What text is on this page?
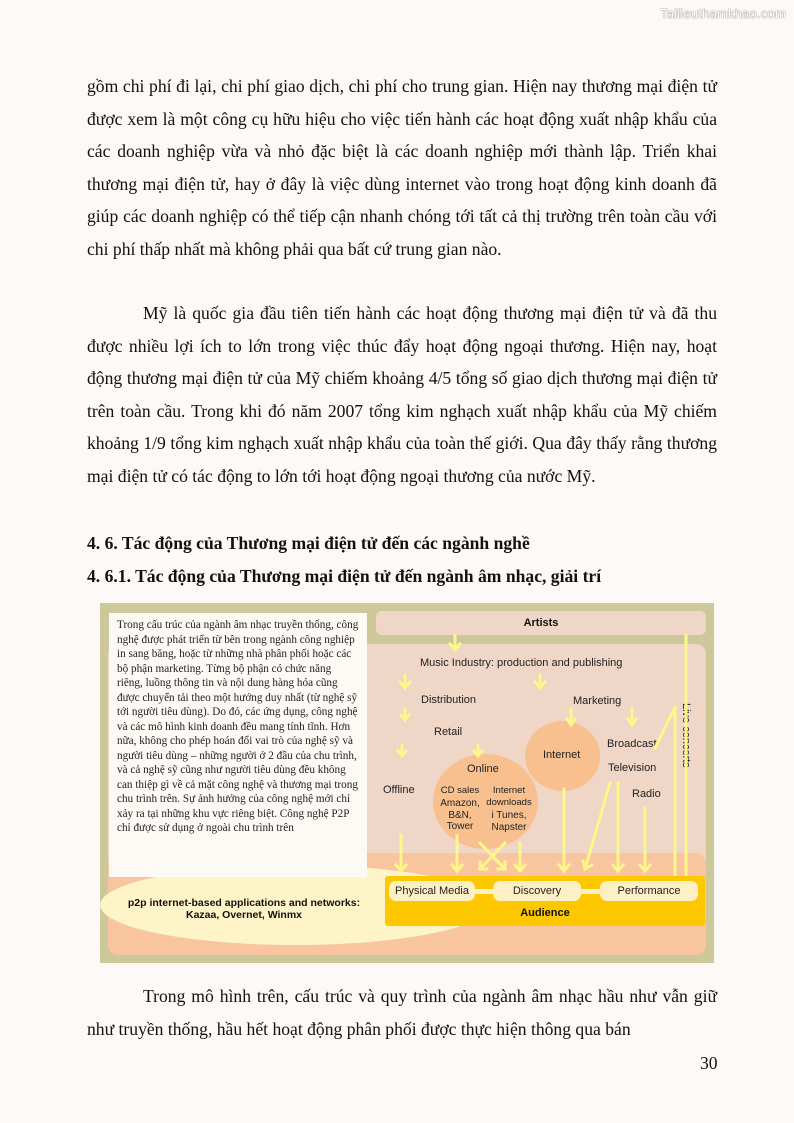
Tailieuthamkhao.com

gồm chi phí đi lại, chi phí giao dịch, chi phí cho trung gian. Hiện nay thương mại điện tử được xem là một công cụ hữu hiệu cho việc tiến hành các hoạt động xuất nhập khẩu của các doanh nghiệp vừa và nhỏ đặc biệt là các doanh nghiệp mới thành lập. Triển khai thương mại điện tử, hay ở đây là việc dùng internet vào trong hoạt động kinh doanh đã giúp các doanh nghiệp có thể tiếp cận nhanh chóng tới tất cả thị trường trên toàn cầu với chi phí thấp nhất mà không phải qua bất cứ trung gian nào.

Mỹ là quốc gia đầu tiên tiến hành các hoạt động thương mại điện tử và đã thu được nhiều lợi ích to lớn trong việc thúc đẩy hoạt động ngoại thương. Hiện nay, hoạt động thương mại điện tử của Mỹ chiếm khoảng 4/5 tổng số giao dịch thương mại điện tử trên toàn cầu. Trong khi đó năm 2007 tổng kim nghạch xuất nhập khẩu của Mỹ chiếm khoảng 1/9 tổng kim nghạch xuất nhập khẩu của toàn thế giới. Qua đây thấy rằng thương mại điện tử có tác động to lớn tới hoạt động ngoại thương của nước Mỹ.

4. 6. Tác động của Thương mại điện tử đến các ngành nghề

4. 6.1. Tác động của Thương mại điện tử đến ngành âm nhạc, giải trí

Artists
Music Industry: production and publishing
Distribution	Marketing
Retail
Offline
Online
CD sales
Amazon, B&N, Tower
Internet downloads
i Tunes, Napster
Internet
Broadcast
Television
Radio
Live concerts
Physical Media	Discovery	Performance
Audience
p2p internet-based applications and networks:
Kazaa, Overnet, Winmx
Trong cấu trúc của ngành âm nhạc truyền thống, công nghệ được phát triển từ bên trong ngành công nghiệp in sang băng, hoặc từ những nhà phân phối hoặc các bộ phận marketing. Từng bộ phận có chức năng riêng, luồng thông tin và nội dung hàng hóa cũng được chuyển tải theo một hướng duy nhất (từ nghệ sỹ tới người tiêu dùng). Do đó, các ứng dụng, công nghệ và các mô hình kinh doanh đều mang tính tĩnh. Hơn nữa, không cho phép hoán đổi vai trò của nghệ sỹ và người tiêu dùng – những người ở 2 đầu của chu trình, và cả nghệ sỹ cũng như người tiêu dùng đều không can thiệp gì về cả mặt công nghệ và thương mại trong chu trình trên. Sự ảnh hưởng của công nghệ mới chỉ xảy ra tại những khu vực riêng biệt. Công nghệ P2P chỉ được sử dụng ở ngoài chu trình trên

Trong mô hình trên, cấu trúc và quy trình của ngành âm nhạc hầu như vẫn giữ như truyền thống, hầu hết hoạt động phân phối được thực hiện thông qua bán

30
